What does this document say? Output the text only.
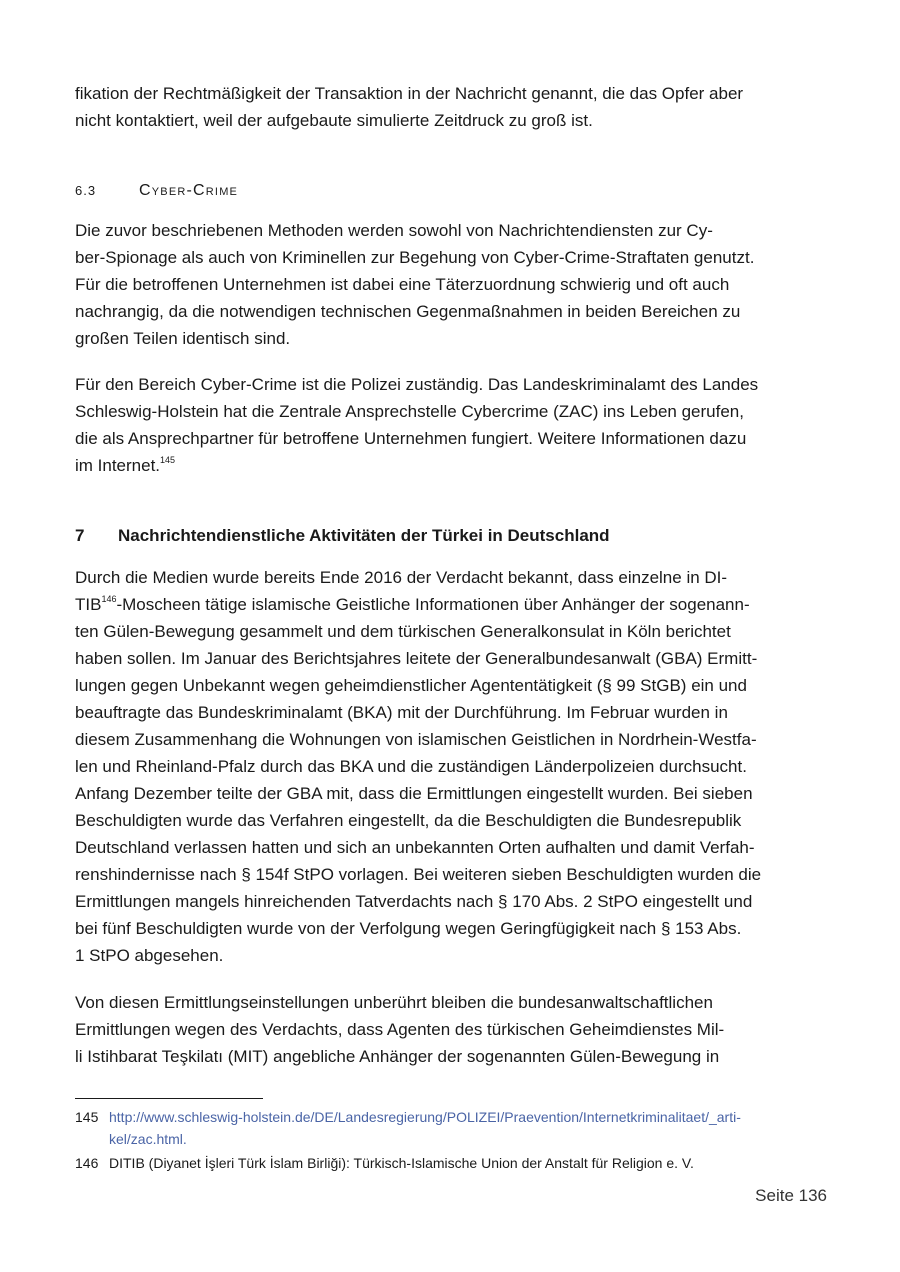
fikation der Rechtmäßigkeit der Transaktion in der Nachricht genannt, die das Opfer aber
nicht kontaktiert, weil der aufgebaute simulierte Zeitdruck zu groß ist.

6.3	Cyber-Crime

Die zuvor beschriebenen Methoden werden sowohl von Nachrichtendiensten zur Cy-
ber-Spionage als auch von Kriminellen zur Begehung von Cyber-Crime-Straftaten genutzt.
Für die betroffenen Unternehmen ist dabei eine Täterzuordnung schwierig und oft auch
nachrangig, da die notwendigen technischen Gegenmaßnahmen in beiden Bereichen zu
großen Teilen identisch sind.

Für den Bereich Cyber-Crime ist die Polizei zuständig. Das Landeskriminalamt des Landes
Schleswig-Holstein hat die Zentrale Ansprechstelle Cybercrime (ZAC) ins Leben gerufen,
die als Ansprechpartner für betroffene Unternehmen fungiert. Weitere Informationen dazu
im Internet.$^{145}$

7 Nachrichtendienstliche Aktivitäten der Türkei in Deutschland

Durch die Medien wurde bereits Ende 2016 der Verdacht bekannt, dass einzelne in DI-
TIB$^{146}$-Moscheen tätige islamische Geistliche Informationen über Anhänger der sogenann-
ten Gülen-Bewegung gesammelt und dem türkischen Generalkonsulat in Köln berichtet
haben sollen. Im Januar des Berichtsjahres leitete der Generalbundesanwalt (GBA) Ermitt-
lungen gegen Unbekannt wegen geheimdienstlicher Agententätigkeit (§ 99 StGB) ein und
beauftragte das Bundeskriminalamt (BKA) mit der Durchführung. Im Februar wurden in
diesem Zusammenhang die Wohnungen von islamischen Geistlichen in Nordrhein-Westfa-
len und Rheinland-Pfalz durch das BKA und die zuständigen Länderpolizeien durchsucht.
Anfang Dezember teilte der GBA mit, dass die Ermittlungen eingestellt wurden. Bei sieben
Beschuldigten wurde das Verfahren eingestellt, da die Beschuldigten die Bundesrepublik
Deutschland verlassen hatten und sich an unbekannten Orten aufhalten und damit Verfah-
renshindernisse nach § 154f StPO vorlagen. Bei weiteren sieben Beschuldigten wurden die
Ermittlungen mangels hinreichenden Tatverdachts nach § 170 Abs. 2 StPO eingestellt und
bei fünf Beschuldigten wurde von der Verfolgung wegen Geringfügigkeit nach § 153 Abs.
1 StPO abgesehen.

Von diesen Ermittlungseinstellungen unberührt bleiben die bundesanwaltschaftlichen
Ermittlungen wegen des Verdachts, dass Agenten des türkischen Geheimdienstes Mil-
li Istihbarat Teşkilatı (MIT) angebliche Anhänger der sogenannten Gülen-Bewegung in

145 http://www.schleswig-holstein.de/DE/Landesregierung/POLIZEI/Praevention/Internetkriminalitaet/_arti-
kel/zac.html.
146 DITIB (Diyanet İşleri Türk İslam Birliği): Türkisch-Islamische Union der Anstalt für Religion e. V.
Seite 136
